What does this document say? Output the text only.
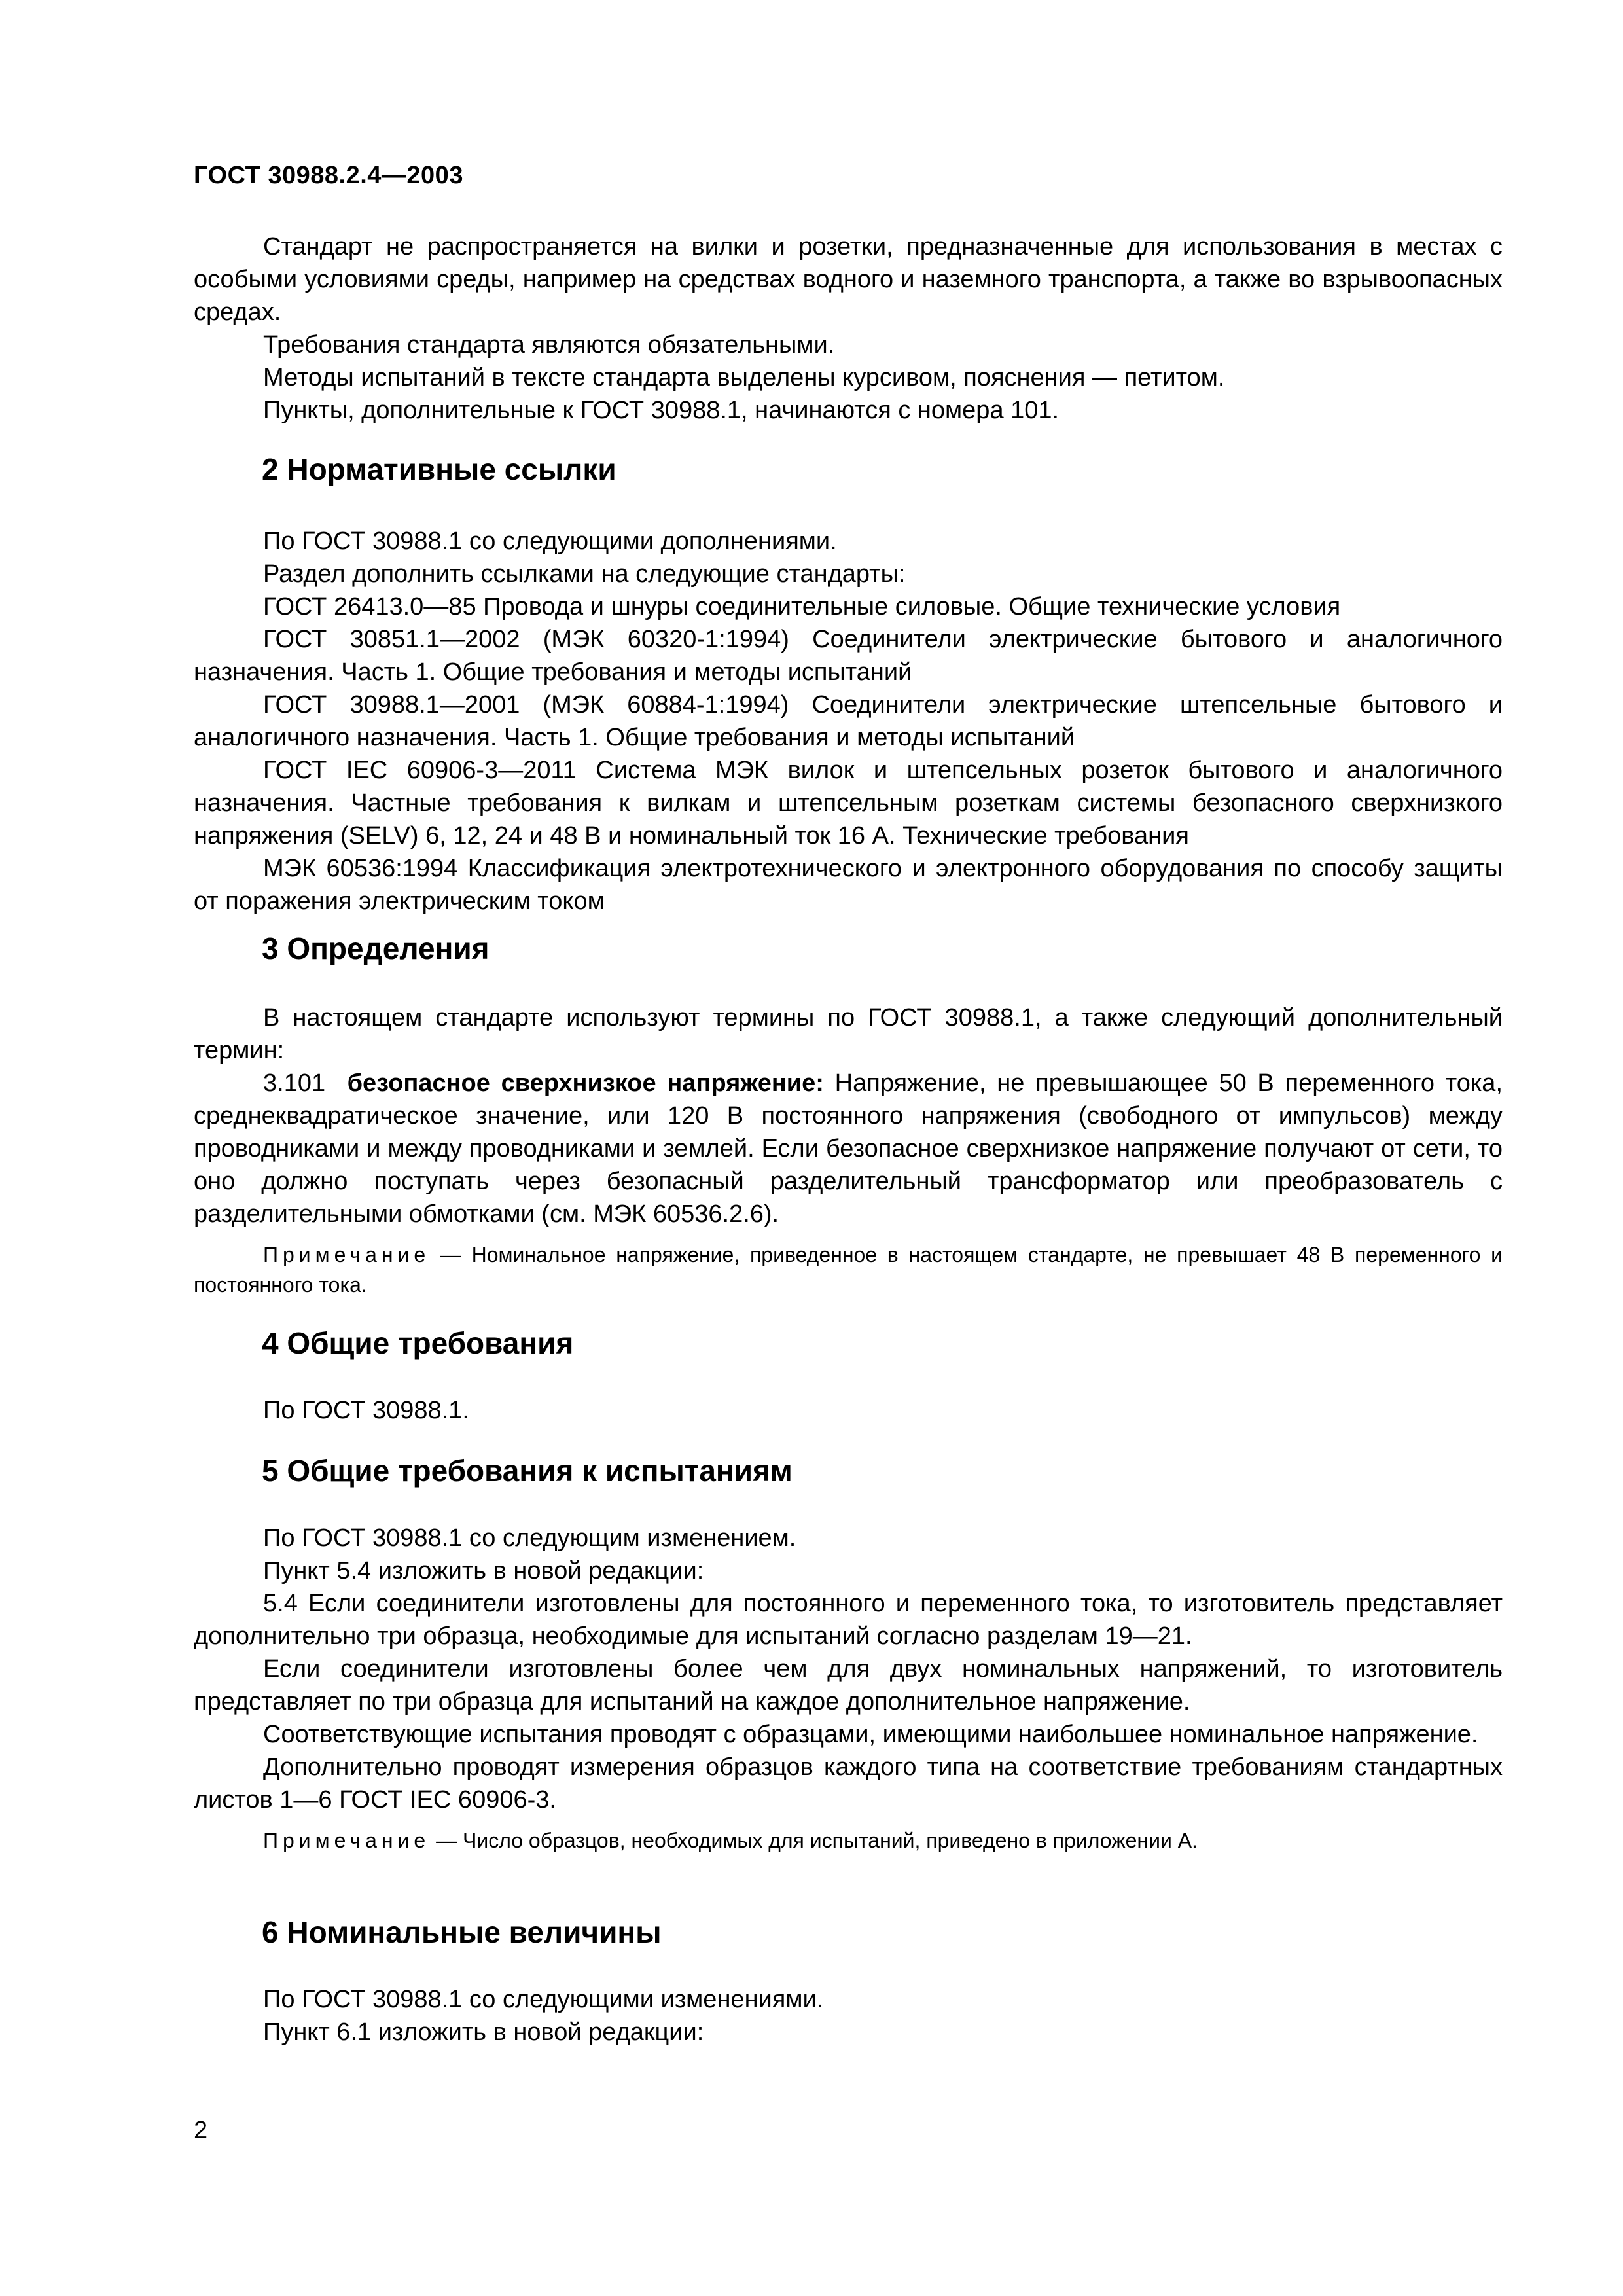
ГОСТ 30988.2.4—2003

Стандарт не распространяется на вилки и розетки, предназначенные для использования в местах с особыми условиями среды, например на средствах водного и наземного транспорта, а также во взрывоопасных средах.

Требования стандарта являются обязательными.

Методы испытаний в тексте стандарта выделены курсивом, пояснения — петитом.

Пункты, дополнительные к ГОСТ 30988.1, начинаются с номера 101.

2 Нормативные ссылки

По ГОСТ 30988.1 со следующими дополнениями.

Раздел дополнить ссылками на следующие стандарты:

ГОСТ 26413.0—85 Провода и шнуры соединительные силовые. Общие технические условия

ГОСТ 30851.1—2002 (МЭК 60320-1:1994) Соединители электрические бытового и аналогичного назначения. Часть 1. Общие требования и методы испытаний

ГОСТ 30988.1—2001 (МЭК 60884-1:1994) Соединители электрические штепсельные бытового и аналогичного назначения. Часть 1. Общие требования и методы испытаний

ГОСТ IEC 60906-3—2011 Система МЭК вилок и штепсельных розеток бытового и аналогичного назначения. Частные требования к вилкам и штепсельным розеткам системы безопасного сверхнизкого напряжения (SELV) 6, 12, 24 и 48 В и номинальный ток 16 А. Технические требования

МЭК 60536:1994 Классификация электротехнического и электронного оборудования по способу защиты от поражения электрическим током

3 Определения

В настоящем стандарте используют термины по ГОСТ 30988.1, а также следующий дополнительный термин:

3.101 безопасное сверхнизкое напряжение: Напряжение, не превышающее 50 В переменного тока, среднеквадратическое значение, или 120 В постоянного напряжения (свободного от импульсов) между проводниками и между проводниками и землей. Если безопасное сверхнизкое напряжение получают от сети, то оно должно поступать через безопасный разделительный трансформатор или преобразователь с разделительными обмотками (см. МЭК 60536.2.6).

Примечание — Номинальное напряжение, приведенное в настоящем стандарте, не превышает 48 В переменного и постоянного тока.

4 Общие требования

По ГОСТ 30988.1.

5 Общие требования к испытаниям

По ГОСТ 30988.1 со следующим изменением.

Пункт 5.4 изложить в новой редакции:

5.4 Если соединители изготовлены для постоянного и переменного тока, то изготовитель представляет дополнительно три образца, необходимые для испытаний согласно разделам 19—21.

Если соединители изготовлены более чем для двух номинальных напряжений, то изготовитель представляет по три образца для испытаний на каждое дополнительное напряжение.

Соответствующие испытания проводят с образцами, имеющими наибольшее номинальное напряжение.

Дополнительно проводят измерения образцов каждого типа на соответствие требованиям стандартных листов 1—6 ГОСТ IEC 60906-3.

Примечание — Число образцов, необходимых для испытаний, приведено в приложении А.

6 Номинальные величины

По ГОСТ 30988.1 со следующими изменениями.

Пункт 6.1 изложить в новой редакции:

2
